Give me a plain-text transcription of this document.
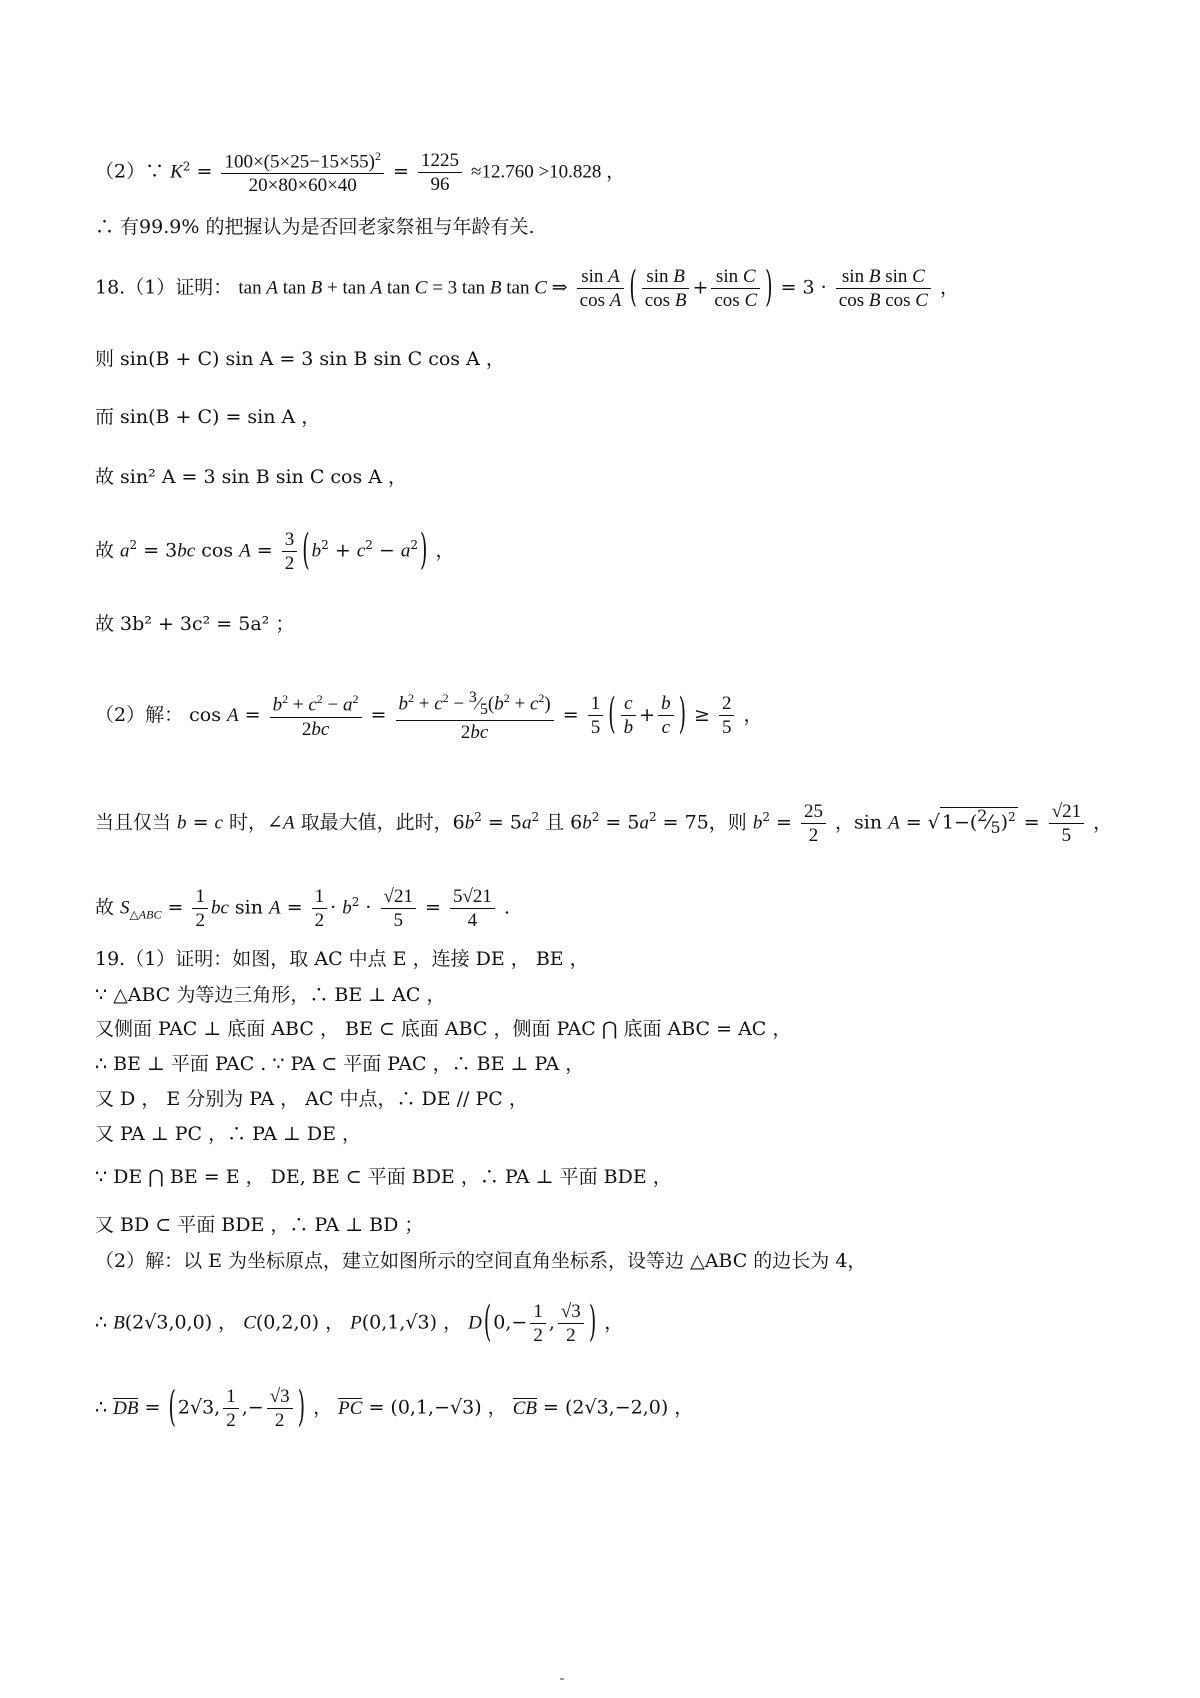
（2）∵ $K^2 = \frac{100\times(5\times 25-15\times 55)^2}{20\times 80\times 60\times 40} = \frac{1225}{96} \approx 12.760 >10.828$ ，
∴ 有99.9% 的把握认为是否回老家祭祖与年龄有关.
18.（1）证明： tan A tan B + tan A tan C = 3 tan B tan C ⇒ $\frac{\text{sin A}}{\text{cos A}}$ ( $\frac{\text{sin B}}{\text{cos B}} + \frac{\text{sin C}}{\text{cos C}}$ ) = $3 \cdot \frac{\text{sin B sin C}}{\text{cos B cos C}}$ ，
则 sin(B + C) sin A = 3 sin B sin C cos A ，
而 sin(B + C) = sin A ，
故 sin² A = 3 sin B sin C cos A ，
故 $a^2 = 3bc$ $\cos A = \frac{3}{2}$ ( $b^2 + c^2 - a^2$ ) ，
故 3b² + 3c² = 5a² ；
（2）解： $\cos A = \frac{b^2 + c^2 - a^2}{2bc} = \frac{b^2 + c^2 - ^3⁄_5(b^2 + c^2)}{2bc} = \frac{1}{5}$ ( $\frac{c}{b} + \frac{b}{c}$ ) ≥ $\frac{2}{5}$ ，
当且仅当 b = c 时，∠A 取最大值，此时，$6b^2 = 5a^2$ 且 $6b^2 = 5a^2 = 75$，则 $b^2 = \frac{25}{2}$ ，sin A = √ $1-(^2⁄_5)^2 = \frac{√21}{5}$ ，
故 $S_{\triangle ABC} = \frac{1}{2}$ bc $\sin A = \frac{1}{2} \cdot b^2 \cdot \frac{√21}{5} = \frac{5√21}{4}$ .
19.（1）证明：如图，取 AC 中点 E ，连接 DE ， BE ，
∵ △ABC 为等边三角形，∴ BE ⊥ AC ，
又侧面 PAC ⊥ 底面 ABC ， BE ⊂ 底面 ABC ，侧面 PAC ⋂ 底面 ABC = AC ，
∴ BE ⊥ 平面 PAC . ∵ PA ⊂ 平面 PAC ，∴ BE ⊥ PA ，
又 D ， E 分别为 PA ， AC 中点，∴ DE // PC ，
又 PA ⊥ PC ，∴ PA ⊥ DE ，
∵ DE ⋂ BE = E ， DE, BE ⊂ 平面 BDE ，∴ PA ⊥ 平面 BDE ，
又 BD ⊂ 平面 BDE ，∴ PA ⊥ BD ；
（2）解：以 E 为坐标原点，建立如图所示的空间直角坐标系，设等边 △ABC 的边长为 4，
∴ B(2√3,0,0) ， C(0,2,0) ， P(0,1,√3) ， D ( $0,- \frac{1}{2}$ , $\frac{√3}{2}$ ) ，
∴ DB = ( 2√3, $\frac{1}{2}$ ,− $\frac{√3}{2}$ ) ， PC = (0,1,−√3) ， CB = (2√3,−2,0) ，
